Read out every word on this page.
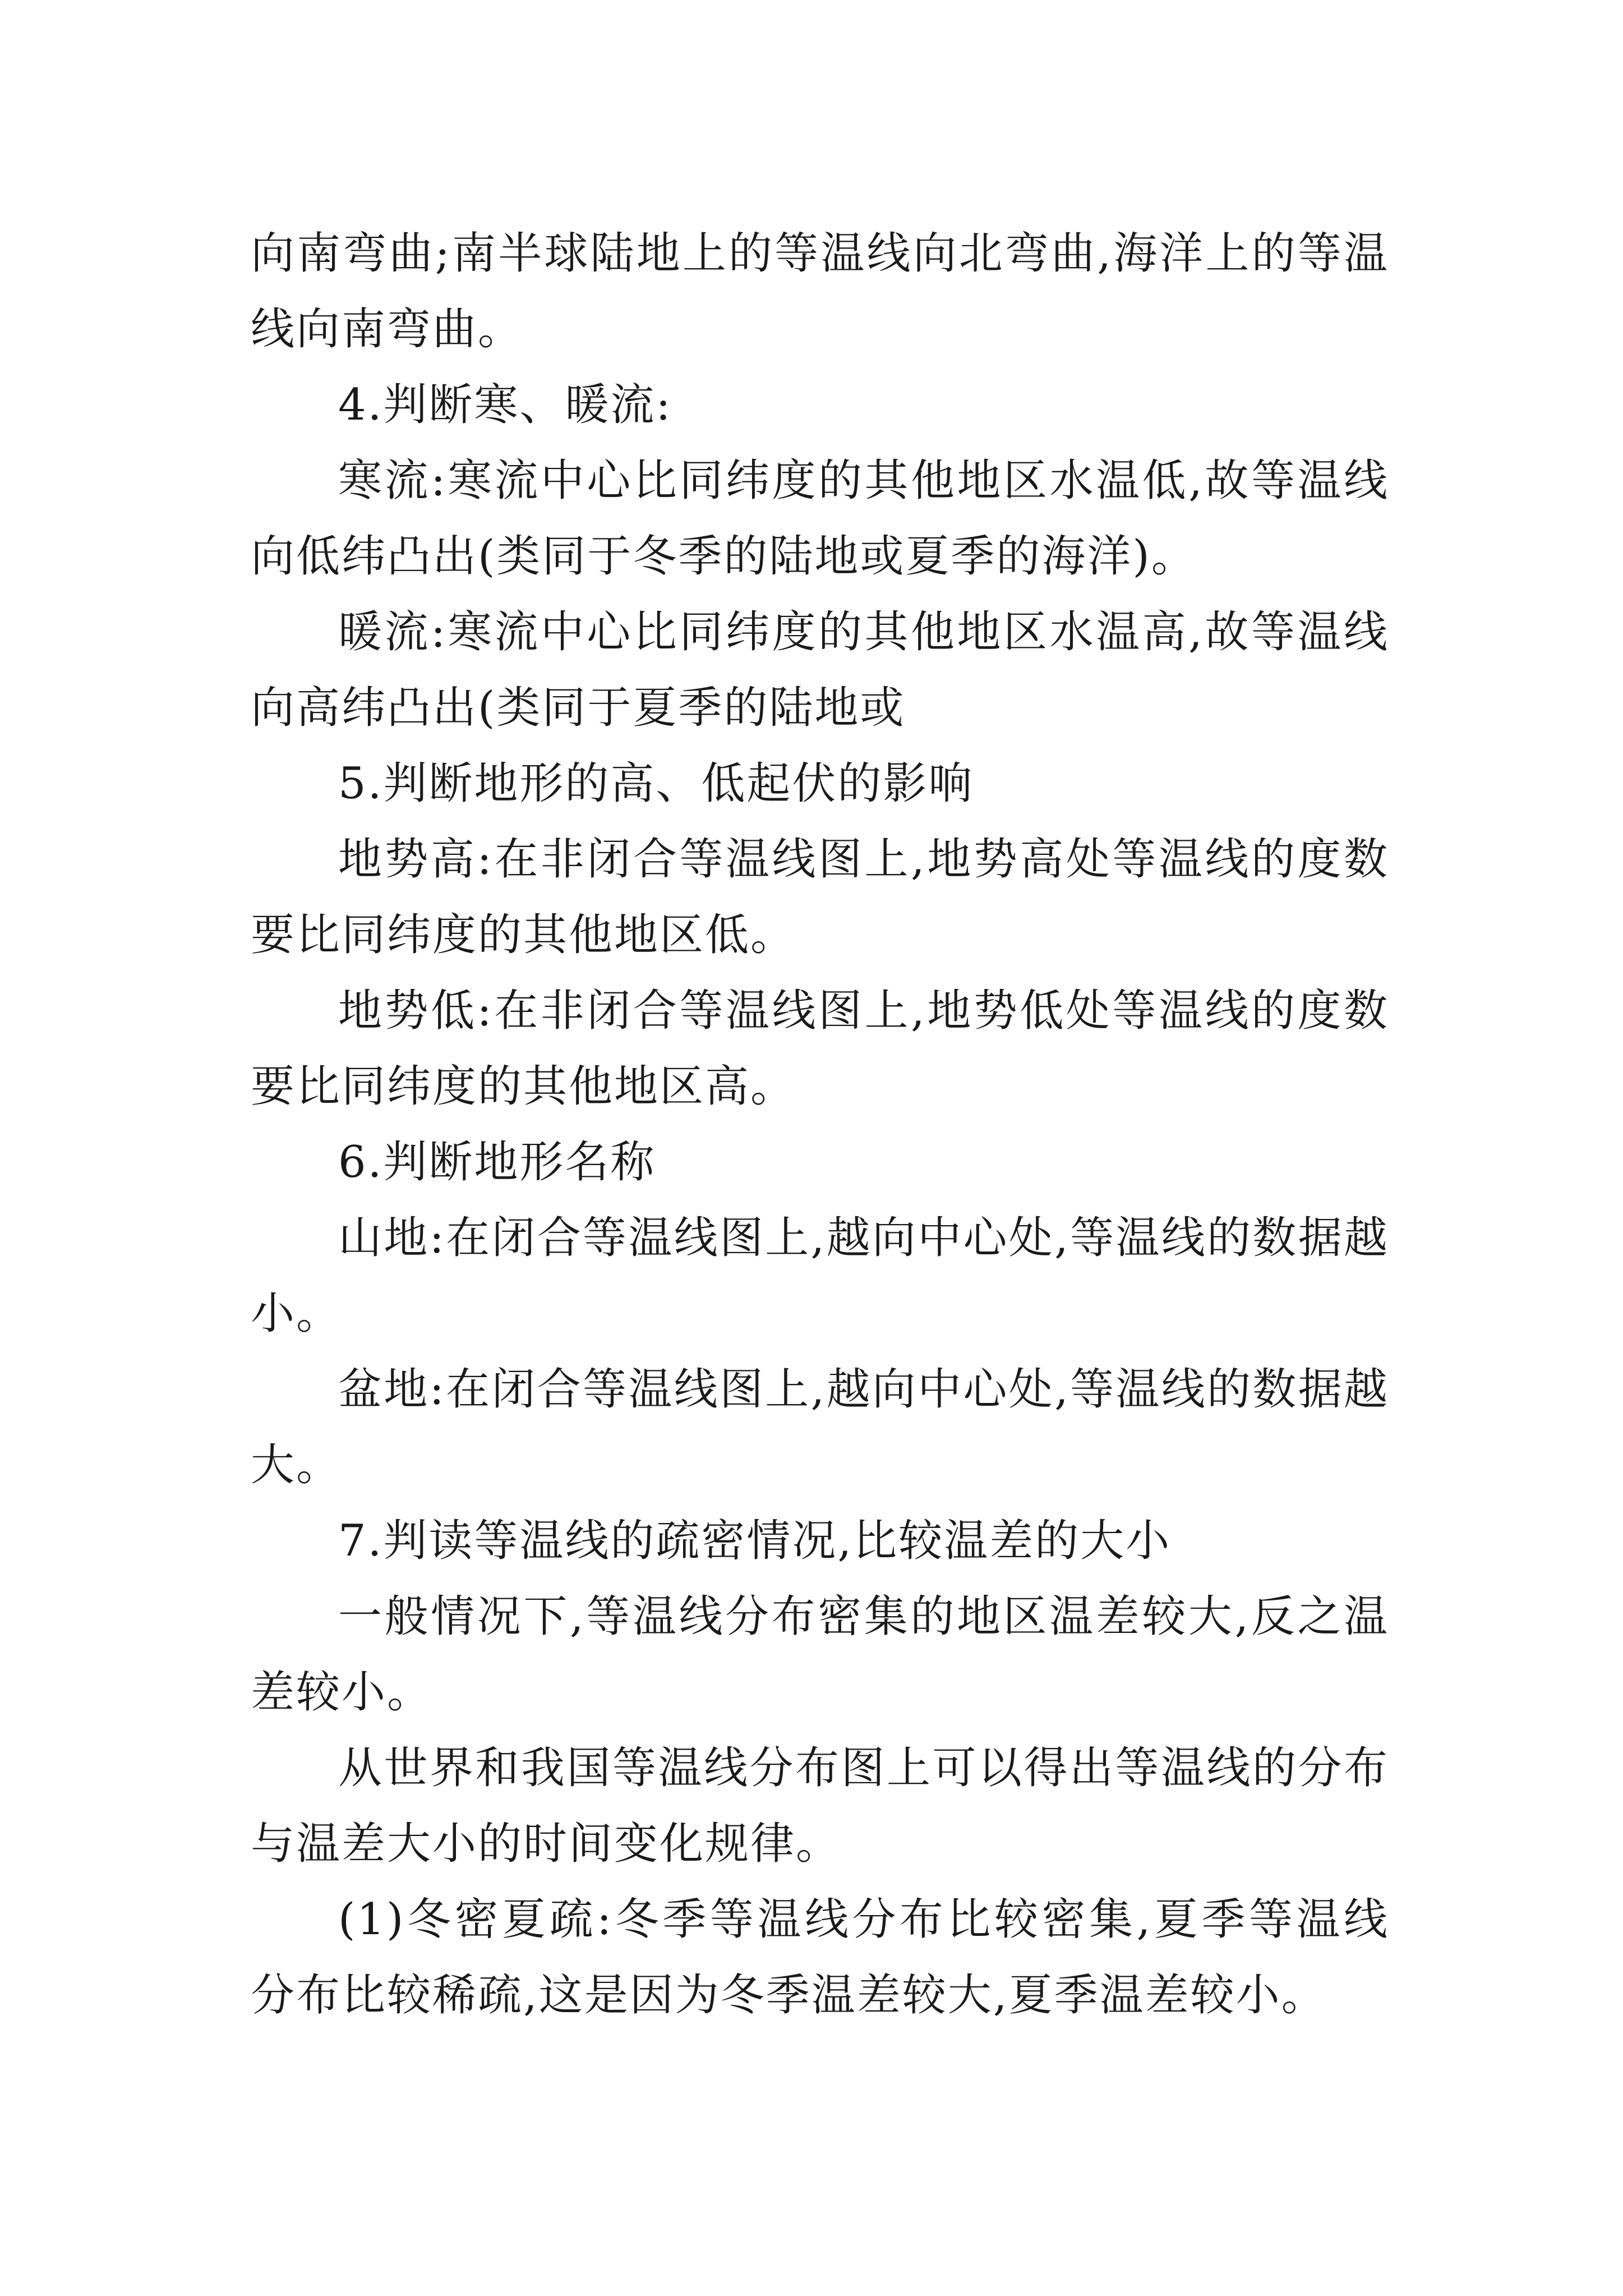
向南弯曲;南半球陆地上的等温线向北弯曲,海洋上的等温线向南弯曲。

4.判断寒、暖流:

寒流:寒流中心比同纬度的其他地区水温低,故等温线向低纬凸出(类同于冬季的陆地或夏季的海洋)。

暖流:寒流中心比同纬度的其他地区水温高,故等温线向高纬凸出(类同于夏季的陆地或

5.判断地形的高、低起伏的影响

地势高:在非闭合等温线图上,地势高处等温线的度数要比同纬度的其他地区低。

地势低:在非闭合等温线图上,地势低处等温线的度数要比同纬度的其他地区高。

6.判断地形名称

山地:在闭合等温线图上,越向中心处,等温线的数据越小。

盆地:在闭合等温线图上,越向中心处,等温线的数据越大。

7.判读等温线的疏密情况,比较温差的大小

一般情况下,等温线分布密集的地区温差较大,反之温差较小。

从世界和我国等温线分布图上可以得出等温线的分布与温差大小的时间变化规律。

(1)冬密夏疏:冬季等温线分布比较密集,夏季等温线分布比较稀疏,这是因为冬季温差较大,夏季温差较小。
